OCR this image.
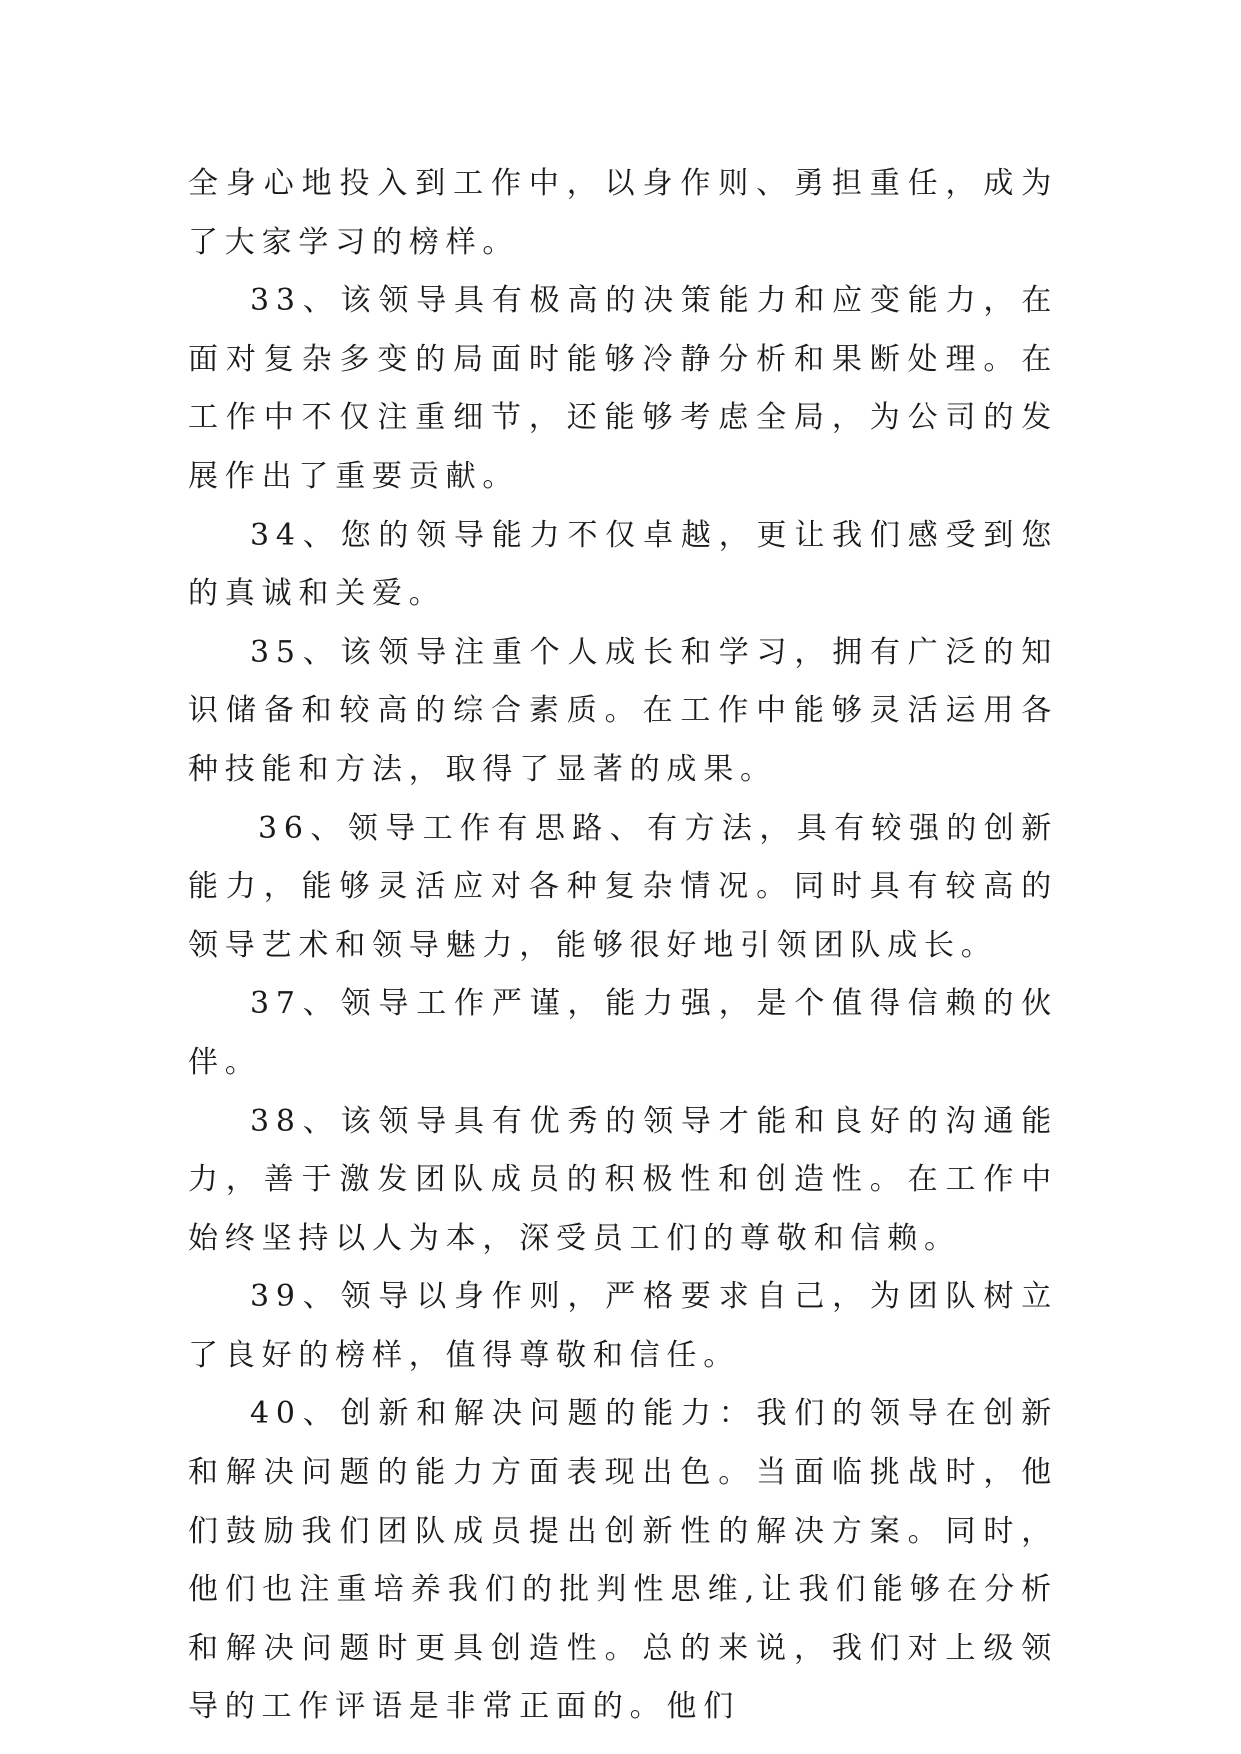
全身心地投入到工作中，以身作则、勇担重任，成为了大家学习的榜样。

33、该领导具有极高的决策能力和应变能力，在面对复杂多变的局面时能够冷静分析和果断处理。在工作中不仅注重细节，还能够考虑全局，为公司的发展作出了重要贡献。

34、您的领导能力不仅卓越，更让我们感受到您的真诚和关爱。

35、该领导注重个人成长和学习，拥有广泛的知识储备和较高的综合素质。在工作中能够灵活运用各种技能和方法，取得了显著的成果。

36、领导工作有思路、有方法，具有较强的创新能力，能够灵活应对各种复杂情况。同时具有较高的领导艺术和领导魅力，能够很好地引领团队成长。

37、领导工作严谨，能力强，是个值得信赖的伙伴。

38、该领导具有优秀的领导才能和良好的沟通能力，善于激发团队成员的积极性和创造性。在工作中始终坚持以人为本，深受员工们的尊敬和信赖。

39、领导以身作则，严格要求自己，为团队树立了良好的榜样，值得尊敬和信任。

40、创新和解决问题的能力：我们的领导在创新和解决问题的能力方面表现出色。当面临挑战时，他们鼓励我们团队成员提出创新性的解决方案。同时，他们也注重培养我们的批判性思维,让我们能够在分析和解决问题时更具创造性。总的来说，我们对上级领导的工作评语是非常正面的。他们
